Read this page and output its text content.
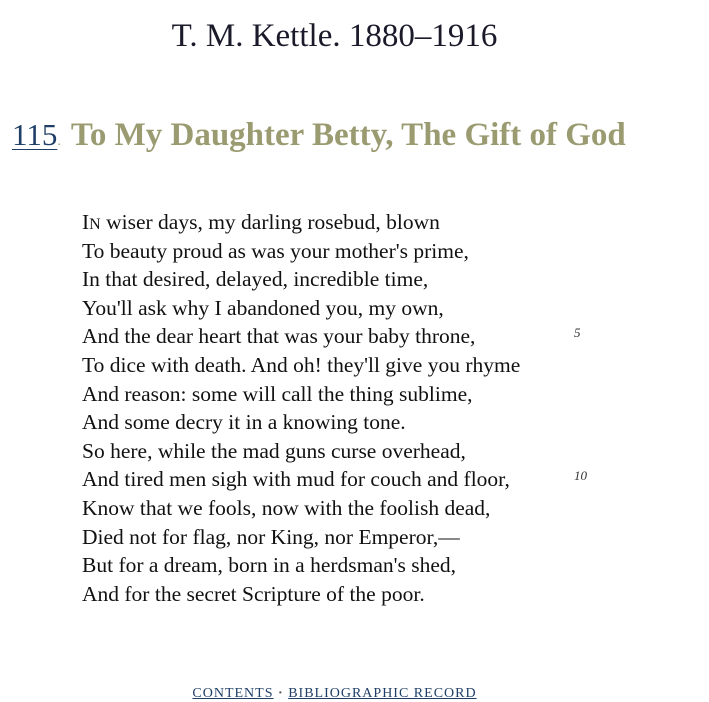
T. M. Kettle. 1880–1916
115. To My Daughter Betty, The Gift of God
IN wiser days, my darling rosebud, blown
To beauty proud as was your mother's prime,
In that desired, delayed, incredible time,
You'll ask why I abandoned you, my own,
And the dear heart that was your baby throne,	5
To dice with death. And oh! they'll give you rhyme
And reason: some will call the thing sublime,
And some decry it in a knowing tone.
So here, while the mad guns curse overhead,
And tired men sigh with mud for couch and floor,	10
Know that we fools, now with the foolish dead,
Died not for flag, nor King, nor Emperor,—
But for a dream, born in a herdsman's shed,
And for the secret Scripture of the poor.
CONTENTS · BIBLIOGRAPHIC RECORD
